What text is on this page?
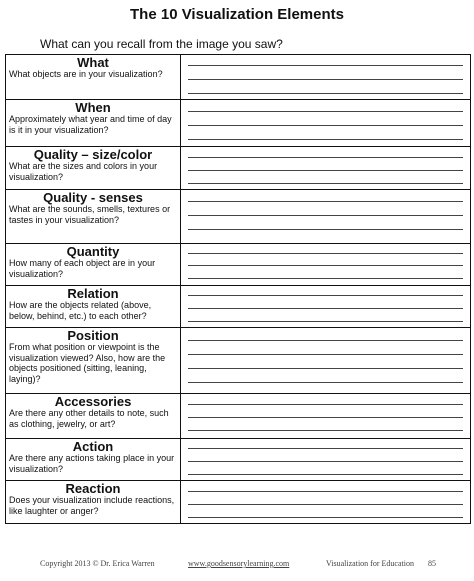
The 10 Visualization Elements
What can you recall from the image you saw?
What
What objects are in your visualization?
When
Approximately what year and time of day is it in your visualization?
Quality – size/color
What are the sizes and colors in your visualization?
Quality - senses
What are the sounds, smells, textures or tastes in your visualization?
Quantity
How many of each object are in your visualization?
Relation
How are the objects related (above, below, behind, etc.) to each other?
Position
From what position or viewpoint is the visualization viewed? Also, how are the objects positioned (sitting, leaning, laying)?
Accessories
Are there any other details to note, such as clothing, jewelry, or art?
Action
Are there any actions taking place in your visualization?
Reaction
Does your visualization include reactions, like laughter or anger?
Copyright 2013 © Dr. Erica Warren	www.goodsensorylearning.com	Visualization for Education 85
